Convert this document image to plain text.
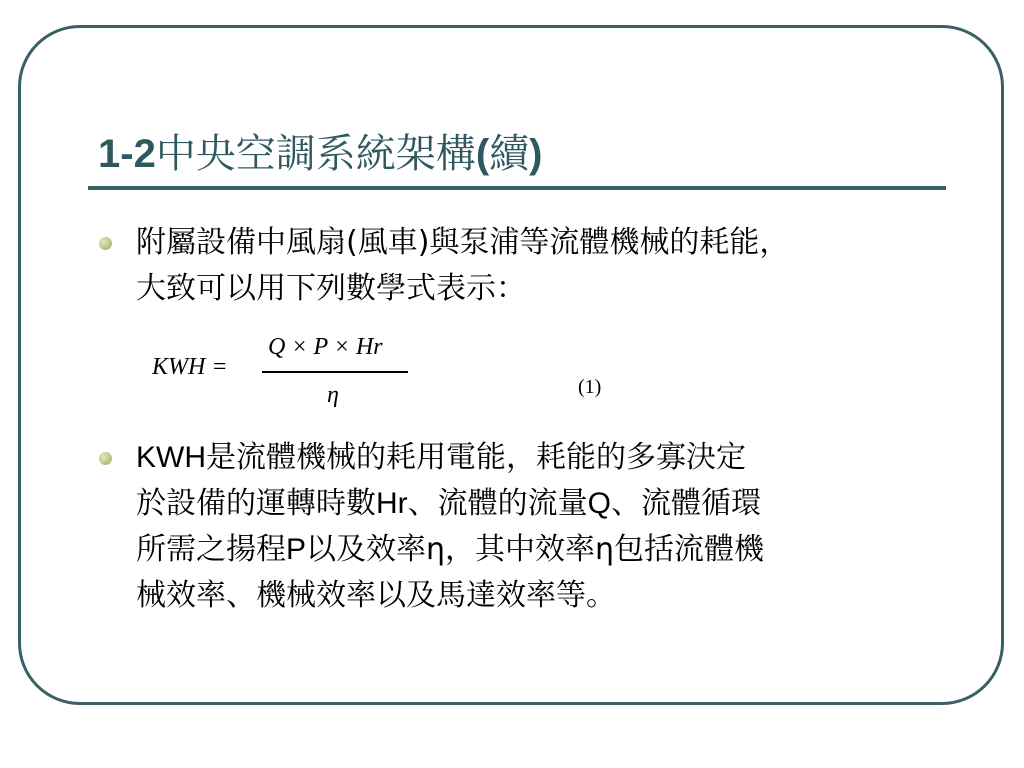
1-2中央空調系統架構(續)
附屬設備中風扇(風車)與泵浦等流體機械的耗能，
大致可以用下列數學式表示：
KWH =
Q × P × Hr
η	(1)
KWH是流體機械的耗用電能，耗能的多寡決定
於設備的運轉時數Hr、流體的流量Q、流體循環
所需之揚程P以及效率η，其中效率η包括流體機
械效率、機械效率以及馬達效率等。
